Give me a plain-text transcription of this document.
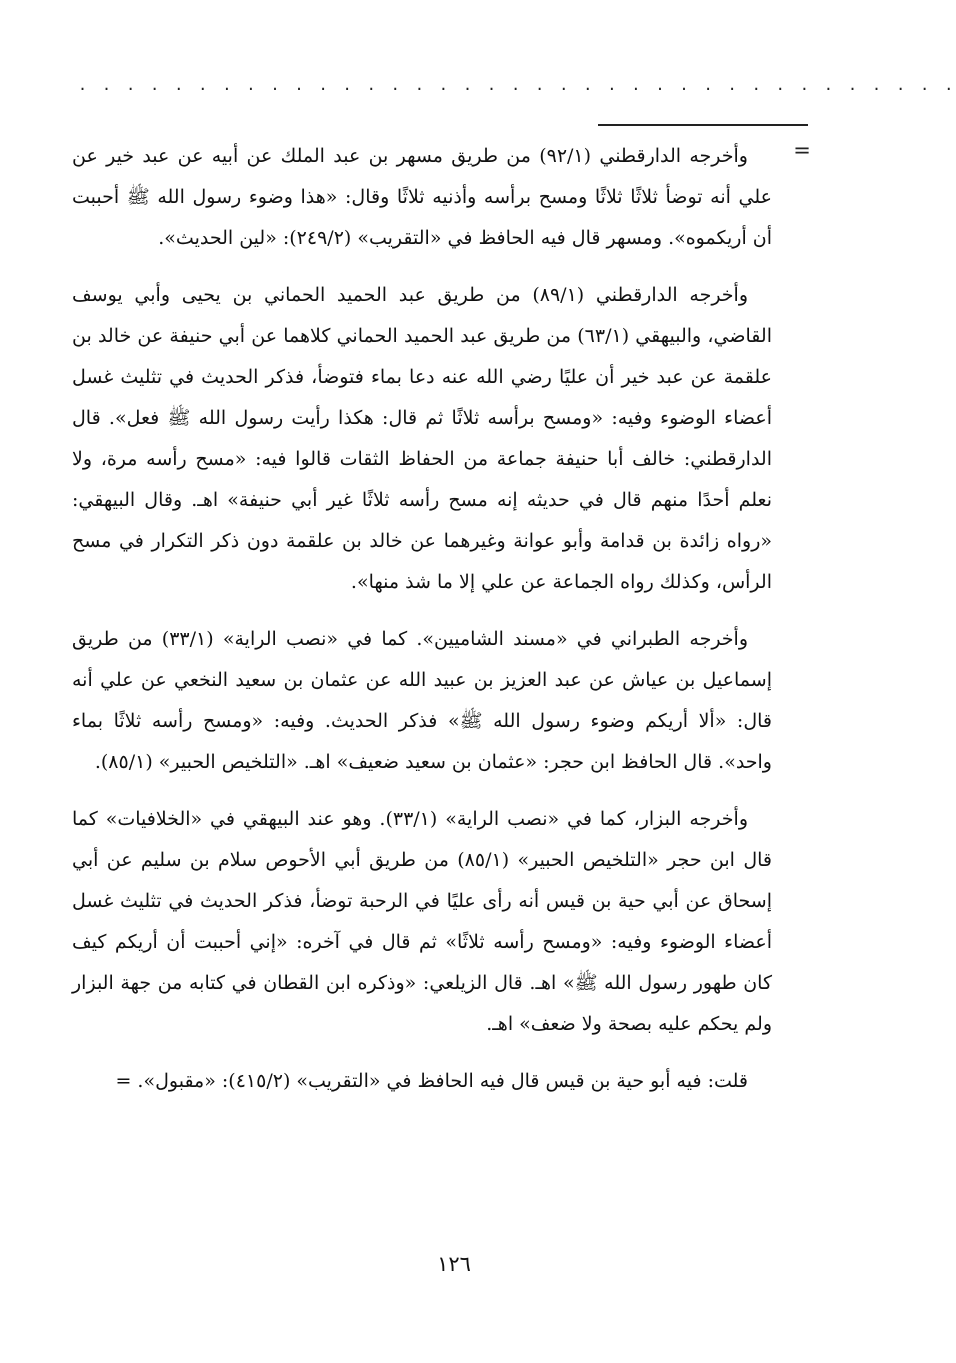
· · · · · · · · · · · · · · · · · · · · · · · · · · · · · · · · · · · · ·
=

وأخرجه الدارقطني (٩٢/١) من طريق مسهر بن عبد الملك عن أبيه عن عبد خير عن علي أنه توضأ ثلاثًا ثلاثًا ومسح برأسه وأذنيه ثلاثًا وقال: «هذا وضوء رسول الله ﷺ أحببت أن أريكموه». ومسهر قال فيه الحافظ في «التقريب» (٢٤٩/٢): «لين الحديث».

وأخرجه الدارقطني (٨٩/١) من طريق عبد الحميد الحماني بن يحيى وأبي يوسف القاضي، والبيهقي (٦٣/١) من طريق عبد الحميد الحماني كلاهما عن أبي حنيفة عن خالد بن علقمة عن عبد خير أن عليًا رضي الله عنه دعا بماء فتوضأ، فذكر الحديث في تثليث غسل أعضاء الوضوء وفيه: «ومسح برأسه ثلاثًا ثم قال: هكذا رأيت رسول الله ﷺ فعل». قال الدارقطني: خالف أبا حنيفة جماعة من الحفاظ الثقات قالوا فيه: «مسح رأسه مرة، ولا نعلم أحدًا منهم قال في حديثه إنه مسح رأسه ثلاثًا غير أبي حنيفة» اهـ. وقال البيهقي: «رواه زائدة بن قدامة وأبو عوانة وغيرهما عن خالد بن علقمة دون ذكر التكرار في مسح الرأس، وكذلك رواه الجماعة عن علي إلا ما شذ منها».

وأخرجه الطبراني في «مسند الشاميين». كما في «نصب الراية» (٣٣/١) من طريق إسماعيل بن عياش عن عبد العزيز بن عبيد الله عن عثمان بن سعيد النخعي عن علي أنه قال: «ألا أريكم وضوء رسول الله ﷺ» فذكر الحديث. وفيه: «ومسح رأسه ثلاثًا بماء واحد». قال الحافظ ابن حجر: «عثمان بن سعيد ضعيف» اهـ. «التلخيص الحبير» (٨٥/١).

وأخرجه البزار، كما في «نصب الراية» (٣٣/١). وهو عند البيهقي في «الخلافيات» كما قال ابن حجر «التلخيص الحبير» (٨٥/١) من طريق أبي الأحوص سلام بن سليم عن أبي إسحاق عن أبي حية بن قيس أنه رأى عليًا في الرحبة توضأ، فذكر الحديث في تثليث غسل أعضاء الوضوء وفيه: «ومسح رأسه ثلاثًا» ثم قال في آخره: «إني أحببت أن أريكم كيف كان طهور رسول الله ﷺ» اهـ. قال الزيلعي: «وذكره ابن القطان في كتابه من جهة البزار ولم يحكم عليه بصحة ولا ضعف» اهـ.

قلت: فيه أبو حية بن قيس قال فيه الحافظ في «التقريب» (٤١٥/٢): «مقبول». =

١٢٦
